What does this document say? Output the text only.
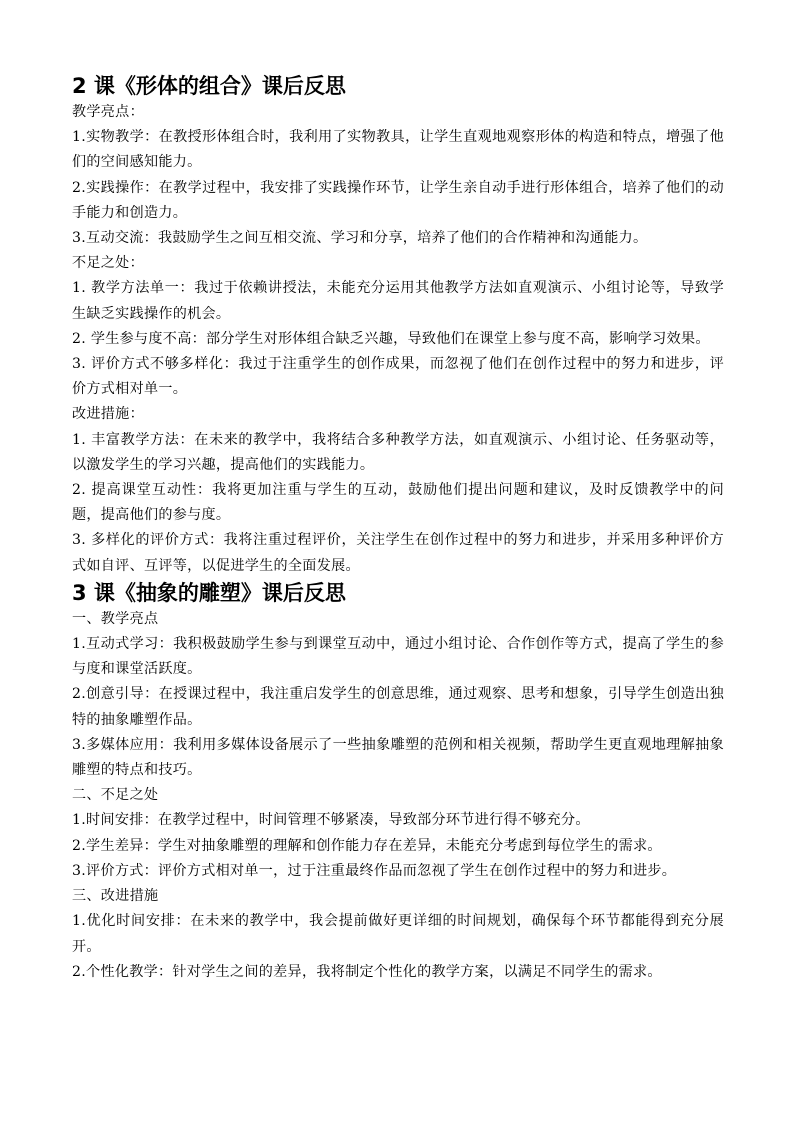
2 课《形体的组合》课后反思

教学亮点：

1.实物教学：在教授形体组合时，我利用了实物教具，让学生直观地观察形体的构造和特点，增强了他们的空间感知能力。

2.实践操作：在教学过程中，我安排了实践操作环节，让学生亲自动手进行形体组合，培养了他们的动手能力和创造力。

3.互动交流：我鼓励学生之间互相交流、学习和分享，培养了他们的合作精神和沟通能力。

不足之处：

1. 教学方法单一：我过于依赖讲授法，未能充分运用其他教学方法如直观演示、小组讨论等，导致学生缺乏实践操作的机会。

2. 学生参与度不高：部分学生对形体组合缺乏兴趣，导致他们在课堂上参与度不高，影响学习效果。

3. 评价方式不够多样化：我过于注重学生的创作成果，而忽视了他们在创作过程中的努力和进步，评价方式相对单一。

改进措施：

1. 丰富教学方法：在未来的教学中，我将结合多种教学方法，如直观演示、小组讨论、任务驱动等，以激发学生的学习兴趣，提高他们的实践能力。

2. 提高课堂互动性：我将更加注重与学生的互动，鼓励他们提出问题和建议，及时反馈教学中的问题，提高他们的参与度。

3. 多样化的评价方式：我将注重过程评价，关注学生在创作过程中的努力和进步，并采用多种评价方式如自评、互评等，以促进学生的全面发展。

3 课《抽象的雕塑》课后反思

一、教学亮点

1.互动式学习：我积极鼓励学生参与到课堂互动中，通过小组讨论、合作创作等方式，提高了学生的参与度和课堂活跃度。

2.创意引导：在授课过程中，我注重启发学生的创意思维，通过观察、思考和想象，引导学生创造出独特的抽象雕塑作品。

3.多媒体应用：我利用多媒体设备展示了一些抽象雕塑的范例和相关视频，帮助学生更直观地理解抽象雕塑的特点和技巧。

二、不足之处

1.时间安排：在教学过程中，时间管理不够紧凑，导致部分环节进行得不够充分。

2.学生差异：学生对抽象雕塑的理解和创作能力存在差异，未能充分考虑到每位学生的需求。

3.评价方式：评价方式相对单一，过于注重最终作品而忽视了学生在创作过程中的努力和进步。

三、改进措施

1.优化时间安排：在未来的教学中，我会提前做好更详细的时间规划，确保每个环节都能得到充分展开。

2.个性化教学：针对学生之间的差异，我将制定个性化的教学方案，以满足不同学生的需求。
